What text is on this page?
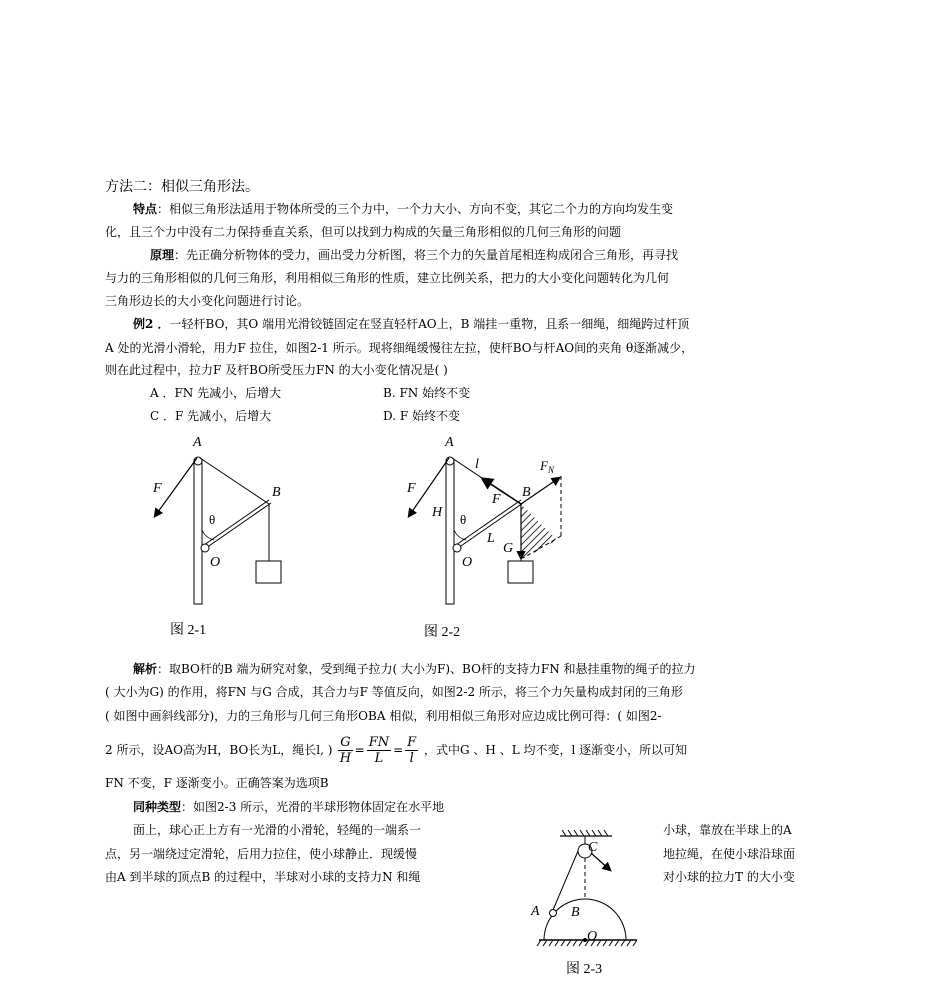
方法二：相似三角形法。
特点：相似三角形法适用于物体所受的三个力中，一个力大小、方向不变，其它二个力的方向均发生变
化，且三个力中没有二力保持垂直关系，但可以找到力构成的矢量三角形相似的几何三角形的问题
原理：先正确分析物体的受力，画出受力分析图，将三个力的矢量首尾相连构成闭合三角形，再寻找
与力的三角形相似的几何三角形，利用相似三角形的性质，建立比例关系，把力的大小变化问题转化为几何
三角形边长的大小变化问题进行讨论。
例2 ．一轻杆BO，其O 端用光滑铰链固定在竖直轻杆AO上，B 端挂一重物，且系一细绳，细绳跨过杆顶
A 处的光滑小滑轮，用力F 拉住，如图2-1 所示。现将细绳缓慢往左拉，使杆BO与杆AO间的夹角 θ逐渐减少，
则在此过程中，拉力F 及杆BO所受压力FN 的大小变化情况是( )
A ．FN 先减小，后增大	B. FN 始终不变
C ．F 先减小，后增大	D. F 始终不变
A
F	B
θ
O
图 2-1
A
F
l	$F_N$
F B
H θ
L
G
O
图 2-2
解析：取BO杆的B 端为研究对象，受到绳子拉力( 大小为F)、BO杆的支持力FN 和悬挂重物的绳子的拉力
( 大小为G) 的作用，将FN 与G 合成，其合力与F 等值反向，如图2-2 所示，将三个力矢量构成封闭的三角形
( 如图中画斜线部分)，力的三角形与几何三角形OBA 相似，利用相似三角形对应边成比例可得：( 如图2-
2 所示，设AO高为H，BO长为L，绳长l, ) $\frac{G}{H} = \frac{FN}{L} = \frac{F}{l}$ ，式中G 、H 、L 均不变，l 逐渐变小，所以可知
FN 不变，F 逐渐变小。正确答案为选项B
同种类型：如图2-3 所示，光滑的半球形物体固定在水平地
面上，球心正上方有一光滑的小滑轮，轻绳的一端系一	小球，靠放在半球上的A
点，另一端绕过定滑轮，后用力拉住，使小球静止．现缓慢	地拉绳，在使小球沿球面
由A 到半球的顶点B 的过程中，半球对小球的支持力N 和绳	对小球的拉力T 的大小变
C
A B
O
图 2-3
